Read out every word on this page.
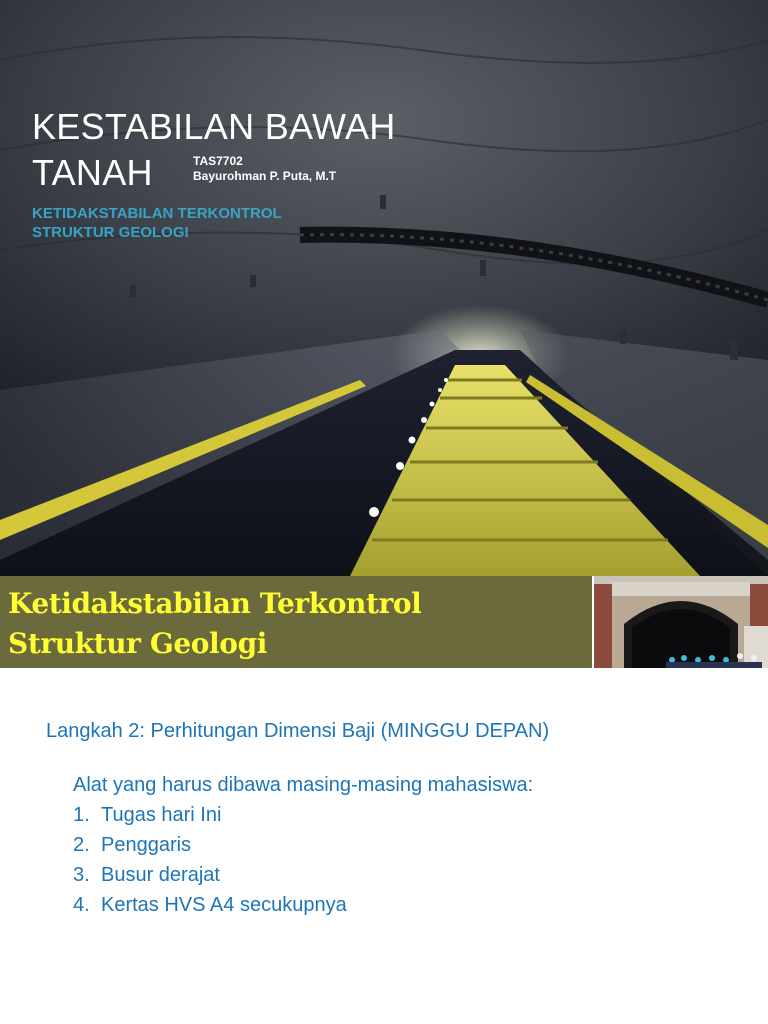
KESTABILAN BAWAH
TANAH	TAS7702
Bayurohman P. Puta, M.T
KETIDAKSTABILAN TERKONTROL
STRUKTUR GEOLOGI
Ketidakstabilan Terkontrol
Struktur Geologi

Langkah 2: Perhitungan Dimensi Baji (MINGGU DEPAN)

Alat yang harus dibawa masing-masing mahasiswa:

1. Tugas hari Ini
2. Penggaris
3. Busur derajat
4. Kertas HVS A4 secukupnya
